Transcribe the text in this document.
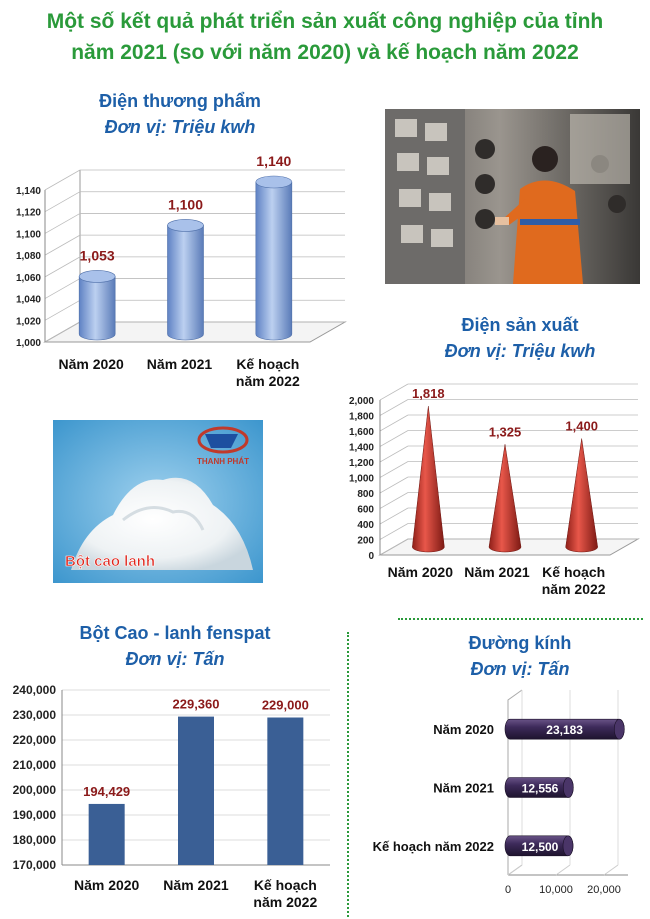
Một số kết quả phát triển sản xuất công nghiệp của tỉnh
năm 2021 (so với năm 2020) và kế hoạch năm 2022
Điện thương phẩm
Đơn vị: Triệu kwh
1,000
1,020
1,040
1,060
1,080
1,100
1,120
1,140
1,053
Năm 2020
1,100
Năm 2021
1,140
Kế hoạch năm 2022
Điện sản xuất
Đơn vị: Triệu kwh
0
200
400
600
800
1,000
1,200
1,400
1,600
1,800
2,000
1,818
Năm 2020
1,325
Năm 2021
1,400
Kế hoạch năm 2022
THANH PHÁT
Bột cao lanh
Bột Cao - lanh fenspat
Đơn vị: Tấn
170,000
180,000
190,000
200,000
210,000
220,000
230,000
240,000
194,429
Năm 2020
229,360
Năm 2021
229,000
Kế hoạch năm 2022
Đường kính
Đơn vị: Tấn
0	10,000 20,000
23,183
Năm 2020
12,556
Năm 2021
12,500
Kế hoạch năm 2022
